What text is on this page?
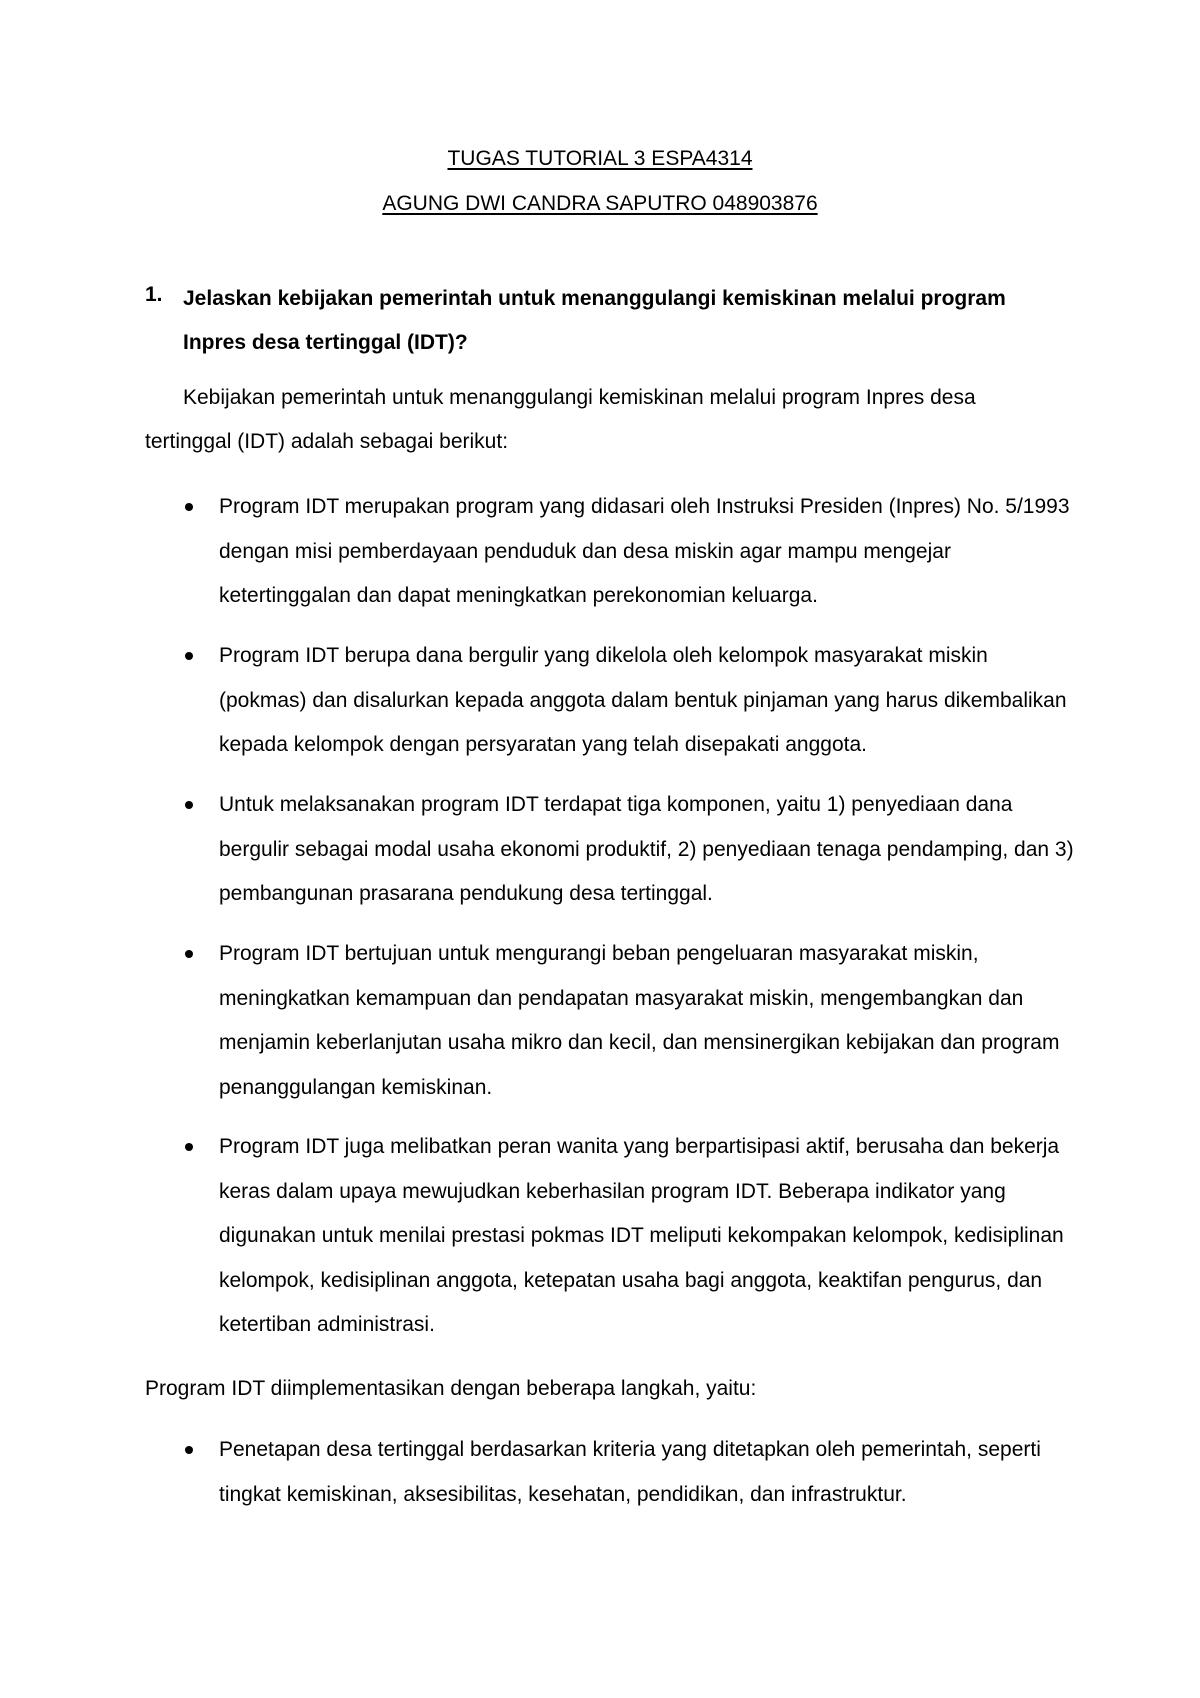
TUGAS TUTORIAL 3 ESPA4314
AGUNG DWI CANDRA SAPUTRO 048903876
1. Jelaskan kebijakan pemerintah untuk menanggulangi kemiskinan melalui program Inpres desa tertinggal (IDT)?
Kebijakan pemerintah untuk menanggulangi kemiskinan melalui program Inpres desa tertinggal (IDT) adalah sebagai berikut:
Program IDT merupakan program yang didasari oleh Instruksi Presiden (Inpres) No. 5/1993 dengan misi pemberdayaan penduduk dan desa miskin agar mampu mengejar ketertinggalan dan dapat meningkatkan perekonomian keluarga.
Program IDT berupa dana bergulir yang dikelola oleh kelompok masyarakat miskin (pokmas) dan disalurkan kepada anggota dalam bentuk pinjaman yang harus dikembalikan kepada kelompok dengan persyaratan yang telah disepakati anggota.
Untuk melaksanakan program IDT terdapat tiga komponen, yaitu 1) penyediaan dana bergulir sebagai modal usaha ekonomi produktif, 2) penyediaan tenaga pendamping, dan 3) pembangunan prasarana pendukung desa tertinggal.
Program IDT bertujuan untuk mengurangi beban pengeluaran masyarakat miskin, meningkatkan kemampuan dan pendapatan masyarakat miskin, mengembangkan dan menjamin keberlanjutan usaha mikro dan kecil, dan mensinergikan kebijakan dan program penanggulangan kemiskinan.
Program IDT juga melibatkan peran wanita yang berpartisipasi aktif, berusaha dan bekerja keras dalam upaya mewujudkan keberhasilan program IDT. Beberapa indikator yang digunakan untuk menilai prestasi pokmas IDT meliputi kekompakan kelompok, kedisiplinan kelompok, kedisiplinan anggota, ketepatan usaha bagi anggota, keaktifan pengurus, dan ketertiban administrasi.
Program IDT diimplementasikan dengan beberapa langkah, yaitu:
Penetapan desa tertinggal berdasarkan kriteria yang ditetapkan oleh pemerintah, seperti tingkat kemiskinan, aksesibilitas, kesehatan, pendidikan, dan infrastruktur.
